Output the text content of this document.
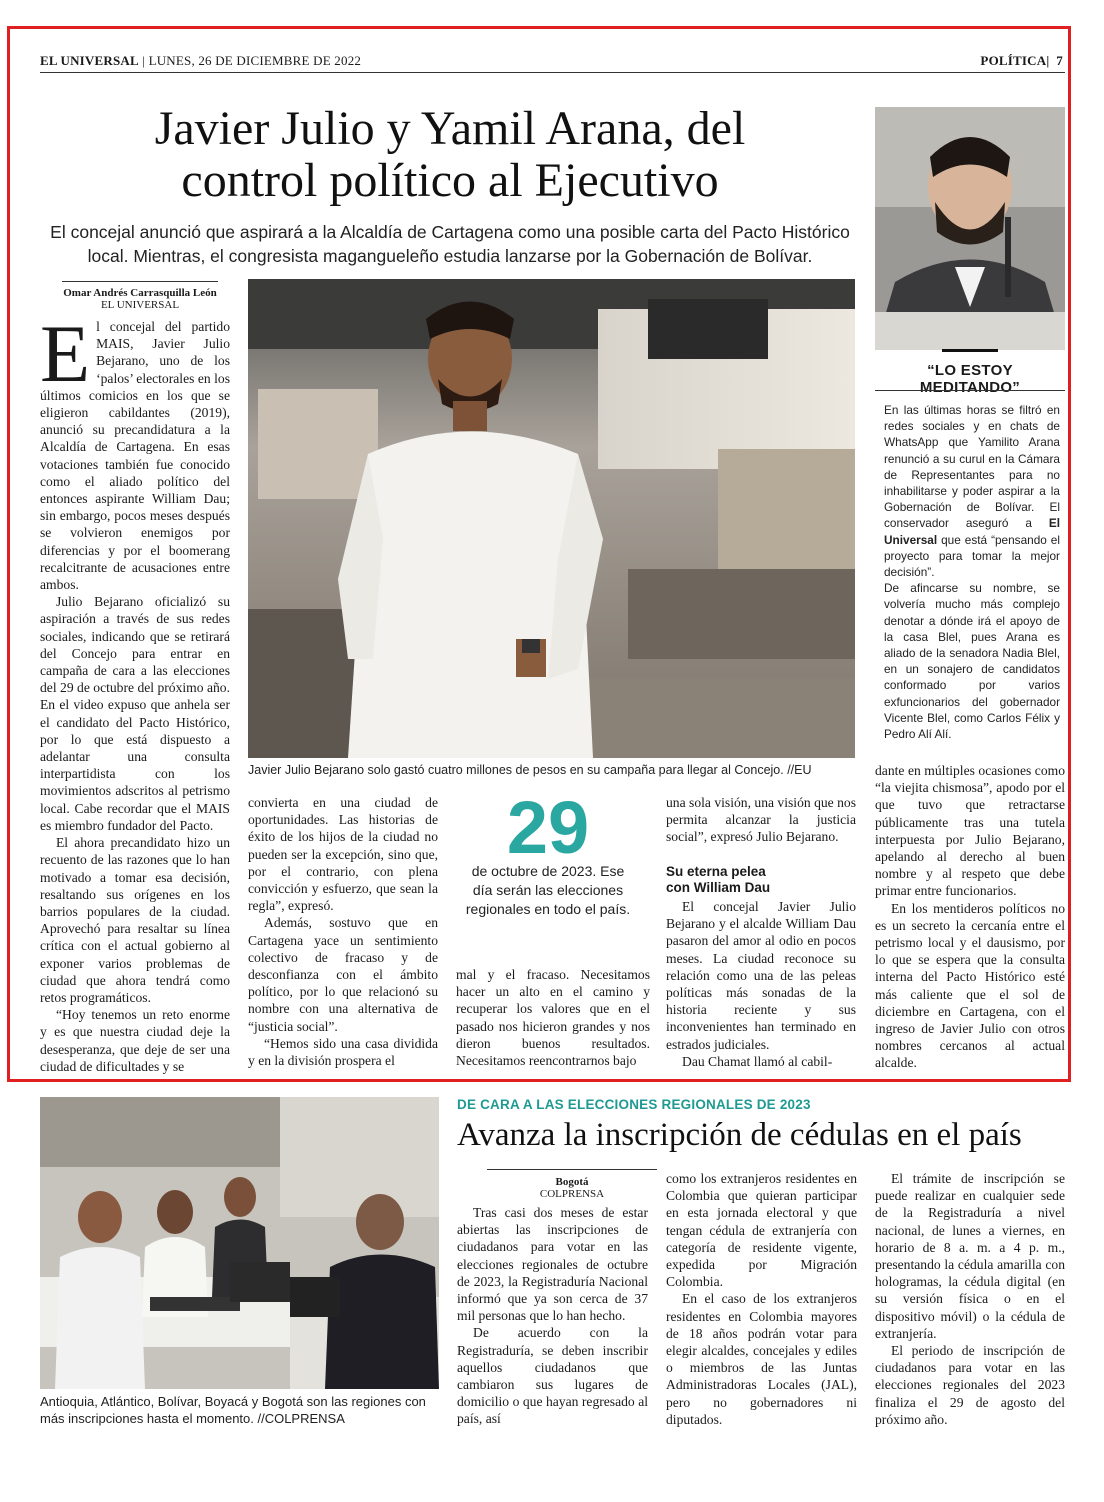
EL UNIVERSAL | LUNES, 26 DE DICIEMBRE DE 2022	POLÍTICA| 7
Javier Julio y Yamil Arana, del
control político al Ejecutivo
El concejal anunció que aspirará a la Alcaldía de Cartagena como una posible carta del Pacto Histórico
local. Mientras, el congresista magangueleño estudia lanzarse por la Gobernación de Bolívar.
Omar Andrés Carrasquilla León
EL UNIVERSAL

El concejal del partido MAIS, Javier Julio Bejarano, uno de los ‘palos’ electorales en los últimos comicios en los que se eligieron cabildantes (2019), anunció su precandidatura a la Alcaldía de Cartagena. En esas votaciones también fue conocido como el aliado político del entonces aspirante William Dau; sin embargo, pocos meses después se volvieron enemigos por diferencias y por el boomerang recalcitrante de acusaciones entre ambos.

Julio Bejarano oficializó su aspiración a través de sus redes sociales, indicando que se retirará del Concejo para entrar en campaña de cara a las elecciones del 29 de octubre del próximo año. En el video expuso que anhela ser el candidato del Pacto Histórico, por lo que está dispuesto a adelantar una consulta interpartidista con los movimientos adscritos al petrismo local. Cabe recordar que el MAIS es miembro fundador del Pacto.

El ahora precandidato hizo un recuento de las razones que lo han motivado a tomar esa decisión, resaltando sus orígenes en los barrios populares de la ciudad. Aprovechó para resaltar su línea crítica con el actual gobierno al exponer varios problemas de ciudad que ahora tendrá como retos programáticos.

“Hoy tenemos un reto enorme y es que nuestra ciudad deje la desesperanza, que deje de ser una ciudad de dificultades y se

Javier Julio Bejarano solo gastó cuatro millones de pesos en su campaña para llegar al Concejo. //EU

convierta en una ciudad de oportunidades. Las historias de éxito de los hijos de la ciudad no pueden ser la excepción, sino que, por el contrario, con plena convicción y esfuerzo, que sean la regla”, expresó.

Además, sostuvo que en Cartagena yace un sentimiento colectivo de fracaso y de desconfianza con el ámbito político, por lo que relacionó su nombre con una alternativa de “justicia social”.

“Hemos sido una casa dividida y en la división prospera el

29
de octubre de 2023. Ese día serán las elecciones regionales en todo el país.

mal y el fracaso. Necesitamos hacer un alto en el camino y recuperar los valores que en el pasado nos hicieron grandes y nos dieron buenos resultados. Necesitamos reencontrarnos bajo

una sola visión, una visión que nos permita alcanzar la justicia social”, expresó Julio Bejarano.

Su eterna pelea
con William Dau

El concejal Javier Julio Bejarano y el alcalde William Dau pasaron del amor al odio en pocos meses. La ciudad reconoce su relación como una de las peleas políticas más sonadas de la historia reciente y sus inconvenientes han terminado en estrados judiciales.

Dau Chamat llamó al cabil-

“LO ESTOY MEDITANDO”

En las últimas horas se filtró en redes sociales y en chats de WhatsApp que Yamilito Arana renunció a su curul en la Cámara de Representantes para no inhabilitarse y poder aspirar a la Gobernación de Bolívar. El conservador aseguró a El Universal que está “pensando el proyecto para tomar la mejor decisión”.

De afincarse su nombre, se volvería mucho más complejo denotar a dónde irá el apoyo de la casa Blel, pues Arana es aliado de la senadora Nadia Blel, en un sonajero de candidatos conformado por varios exfuncionarios del gobernador Vicente Blel, como Carlos Félix y Pedro Alí Alí.

dante en múltiples ocasiones como “la viejita chismosa”, apodo por el que tuvo que retractarse públicamente tras una tutela interpuesta por Julio Bejarano, apelando al derecho al buen nombre y al respeto que debe primar entre funcionarios.

En los mentideros políticos no es un secreto la cercanía entre el petrismo local y el dausismo, por lo que se espera que la consulta interna del Pacto Histórico esté más caliente que el sol de diciembre en Cartagena, con el ingreso de Javier Julio con otros nombres cercanos al actual alcalde.

Antioquia, Atlántico, Bolívar, Boyacá y Bogotá son las regiones con más inscripciones hasta el momento. //COLPRENSA
DE CARA A LAS ELECCIONES REGIONALES DE 2023
Avanza la inscripción de cédulas en el país
Bogotá
COLPRENSA

Tras casi dos meses de estar abiertas las inscripciones de ciudadanos para votar en las elecciones regionales de octubre de 2023, la Registraduría Nacional informó que ya son cerca de 37 mil personas que lo han hecho.

De acuerdo con la Registraduría, se deben inscribir aquellos ciudadanos que cambiaron sus lugares de domicilio o que hayan regresado al país, así

como los extranjeros residentes en Colombia que quieran participar en esta jornada electoral y que tengan cédula de extranjería con categoría de residente vigente, expedida por Migración Colombia.

En el caso de los extranjeros residentes en Colombia mayores de 18 años podrán votar para elegir alcaldes, concejales y ediles o miembros de las Juntas Administradoras Locales (JAL), pero no gobernadores ni diputados.

El trámite de inscripción se puede realizar en cualquier sede de la Registraduría a nivel nacional, de lunes a viernes, en horario de 8 a. m. a 4 p. m., presentando la cédula amarilla con hologramas, la cédula digital (en su versión física o en el dispositivo móvil) o la cédula de extranjería.

El periodo de inscripción de ciudadanos para votar en las elecciones regionales del 2023 finaliza el 29 de agosto del próximo año.
